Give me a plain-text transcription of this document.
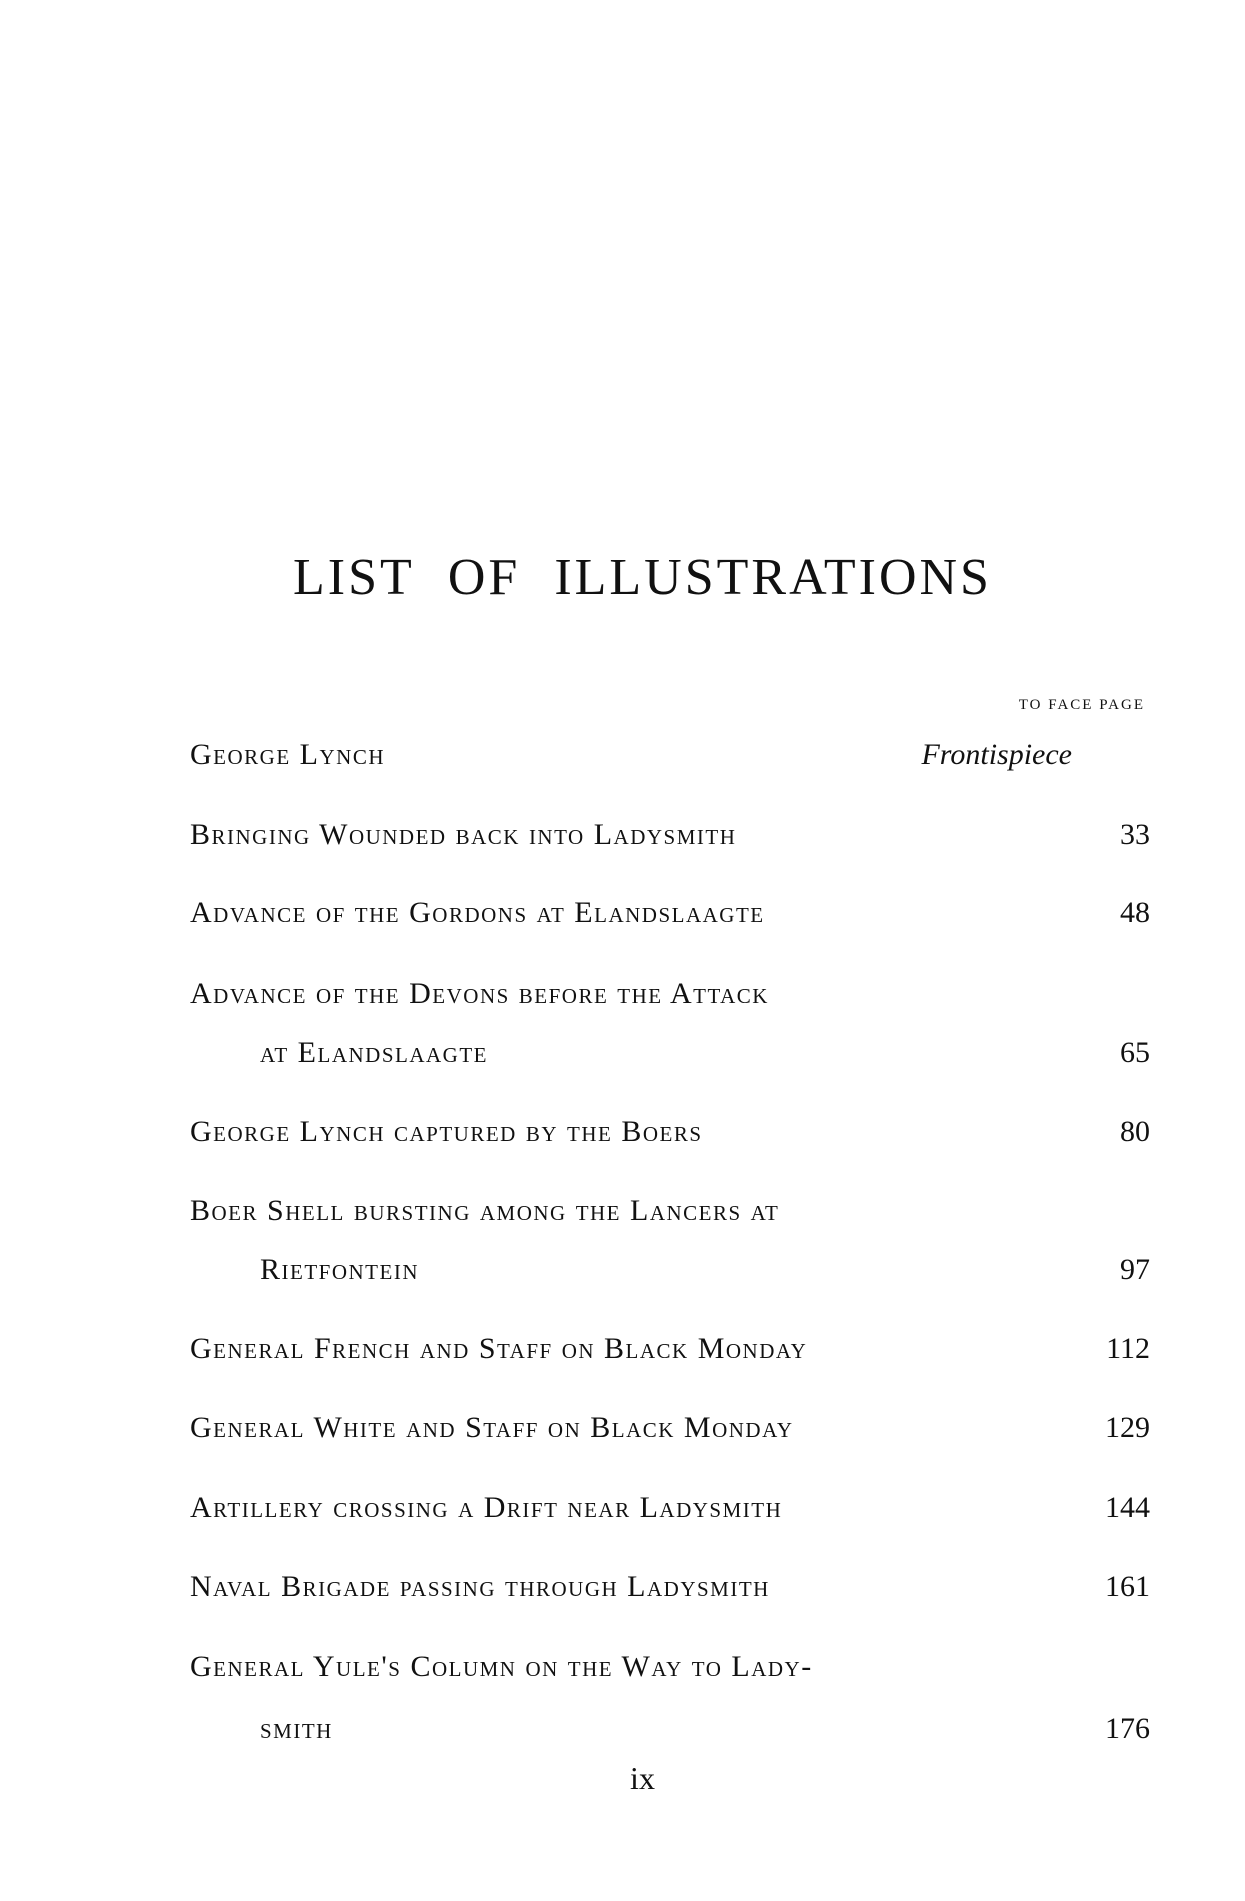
LIST OF ILLUSTRATIONS
TO FACE PAGE
George Lynch	Frontispiece
Bringing Wounded back into Ladysmith	33
Advance of the Gordons at Elandslaagte	48
Advance of the Devons before the Attack
at Elandslaagte	65
George Lynch captured by the Boers	80
Boer Shell bursting among the Lancers at
Rietfontein	97
General French and Staff on Black Monday	112
General White and Staff on Black Monday	129
Artillery crossing a Drift near Ladysmith	144
Naval Brigade passing through Ladysmith	161
General Yule's Column on the Way to Lady-
smith	176
ix
